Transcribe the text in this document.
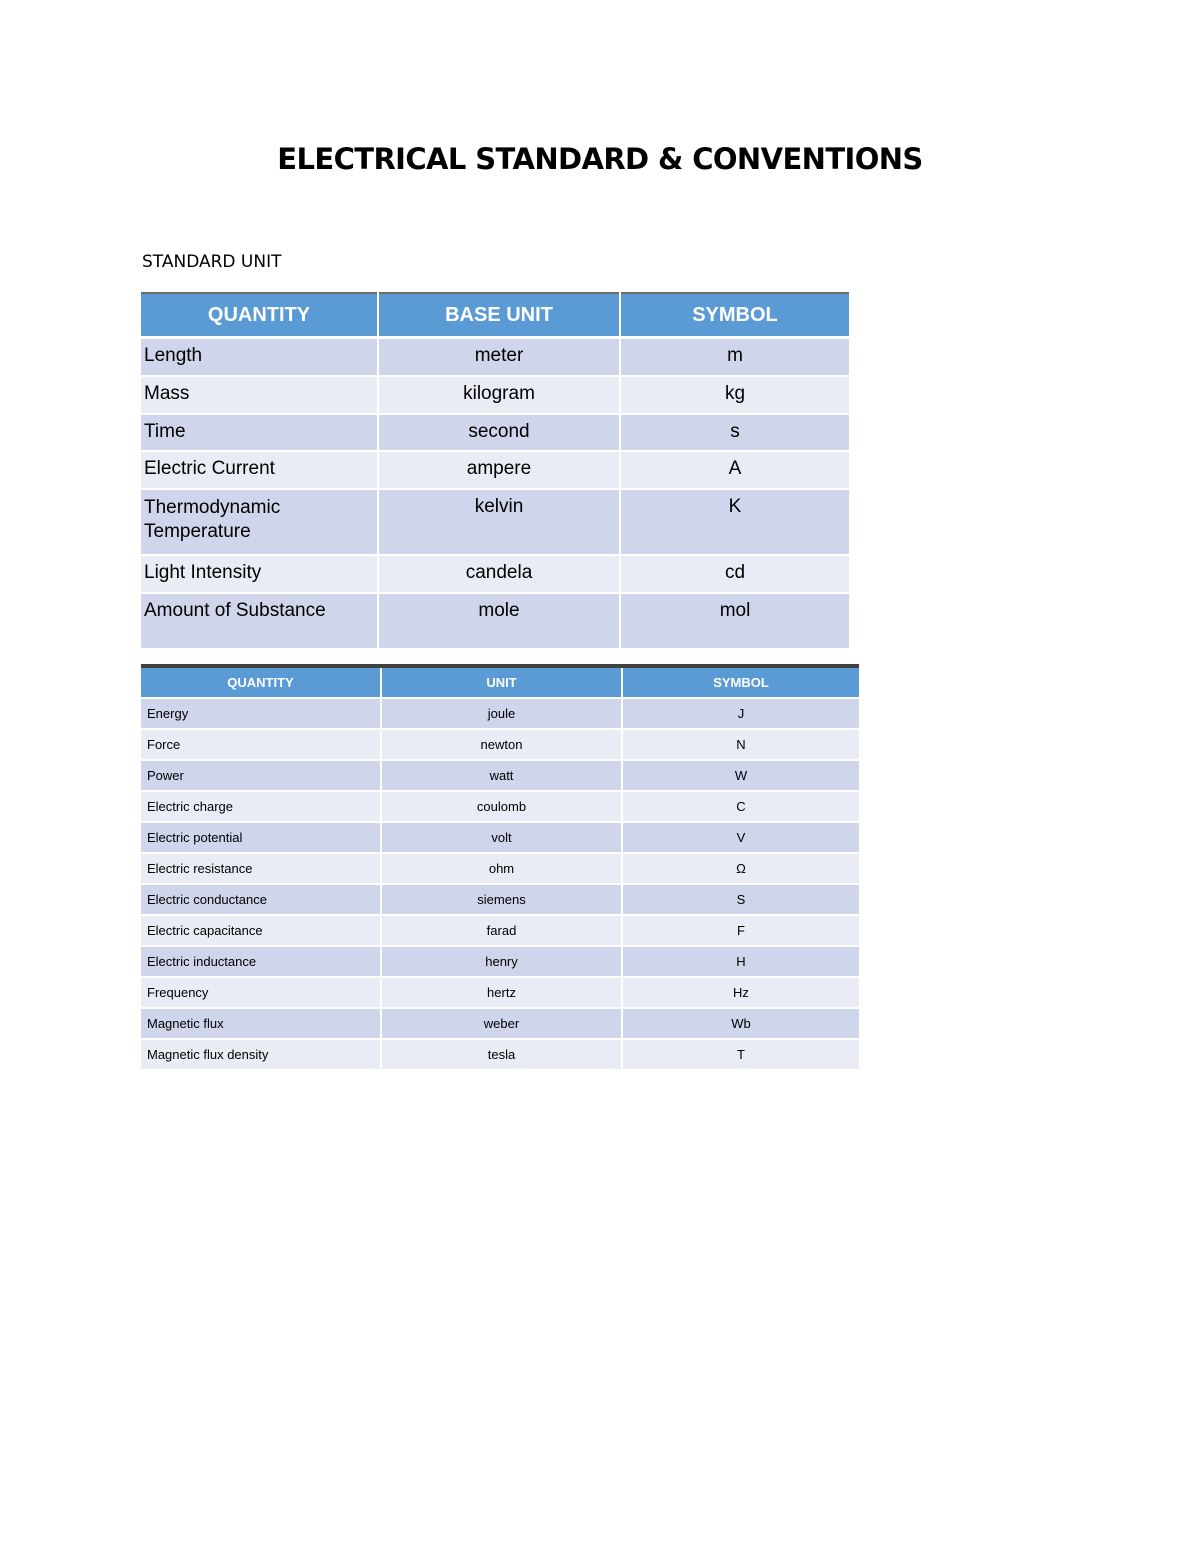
ELECTRICAL STANDARD & CONVENTIONS
STANDARD UNIT
QUANTITY	BASE UNIT	SYMBOL
Length	meter	m
Mass	kilogram	kg
Time	second	s
Electric Current	ampere	A

Thermodynamic Temperature	kelvin	K
Light Intensity	candela	cd
Amount of Substance	mole	mol
QUANTITY	UNIT	SYMBOL
Energy	joule	J
Force	newton	N
Power	watt	W
Electric charge	coulomb	C
Electric potential	volt	V
Electric resistance	ohm	Ω
Electric conductance	siemens	S
Electric capacitance	farad	F
Electric inductance	henry	H
Frequency	hertz	Hz
Magnetic flux	weber	Wb
Magnetic flux density	tesla	T
